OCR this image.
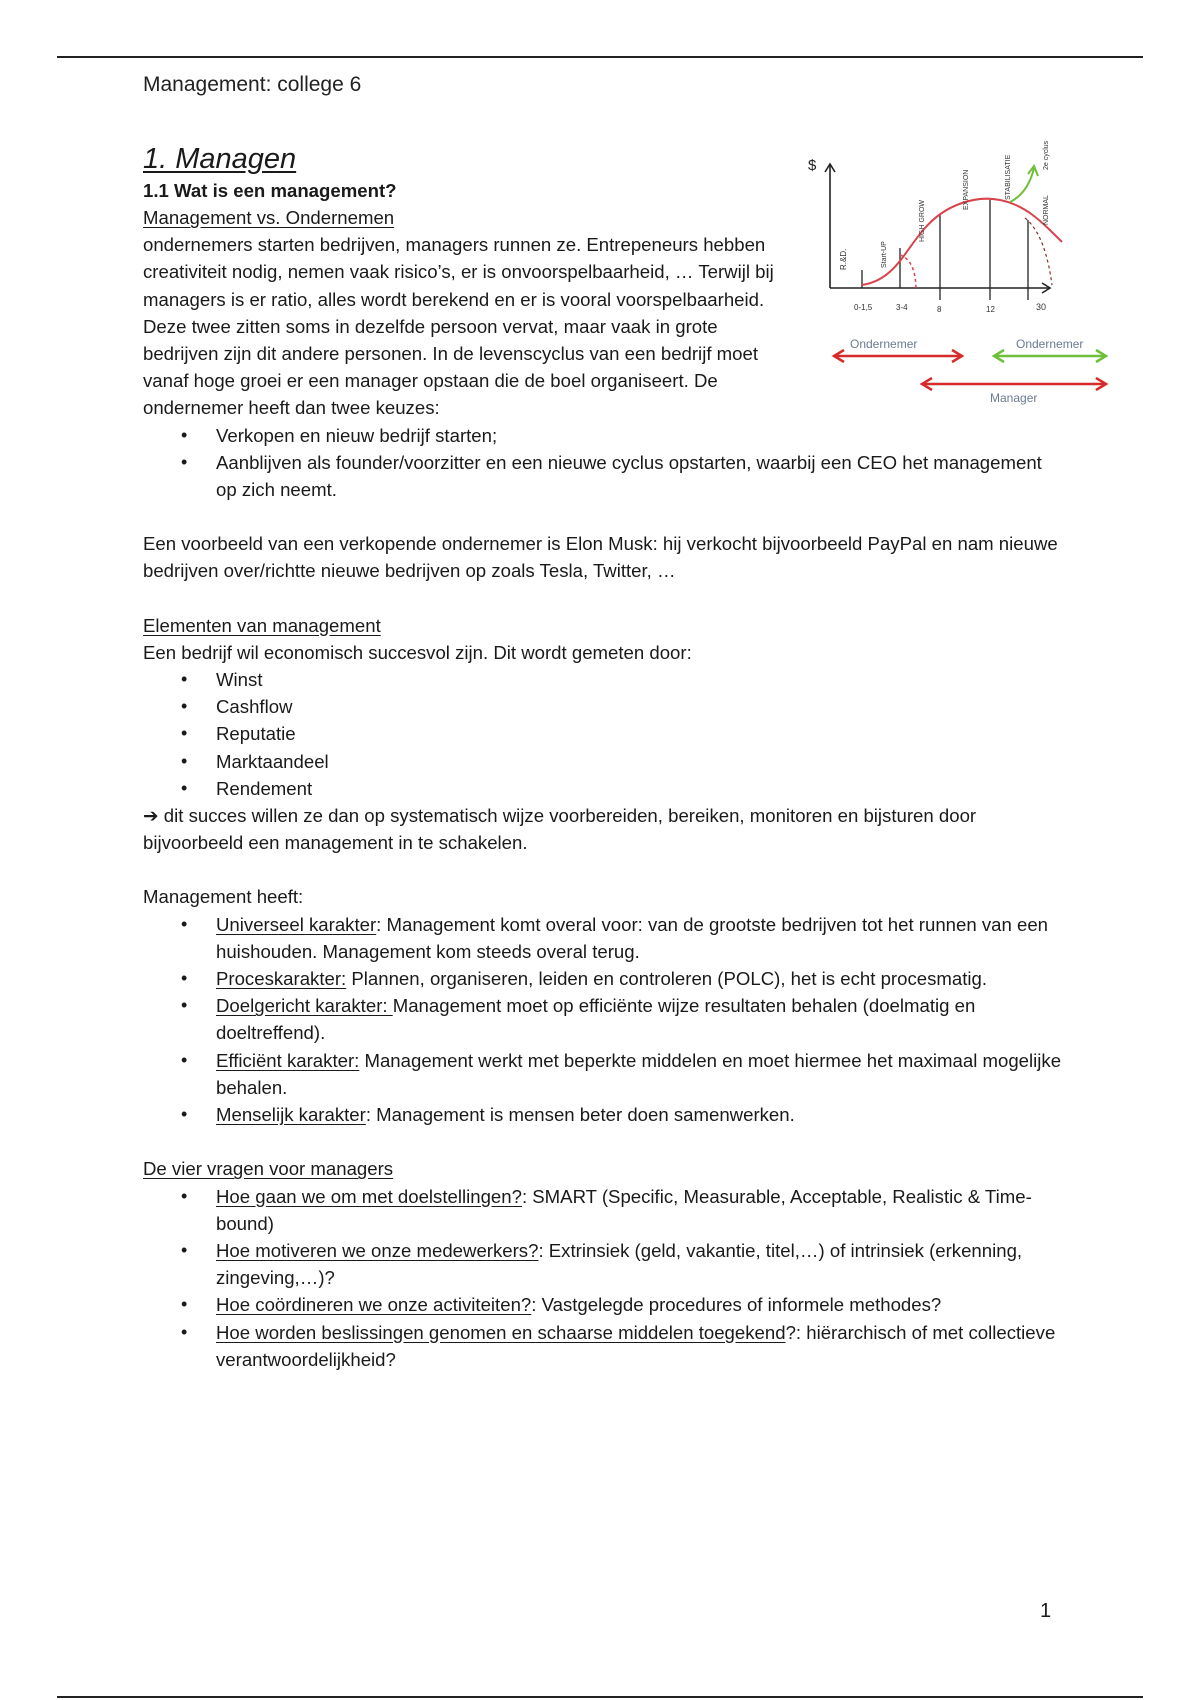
Management: college 6
1. Managen
1.1 Wat is een management?
Management vs. Ondernemen

ondernemers starten bedrijven, managers runnen ze. Entrepeneurs hebben creativiteit nodig, nemen vaak risico’s, er is onvoorspelbaarheid, … Terwijl bij managers is er ratio, alles wordt berekend en er is vooral voorspelbaarheid. Deze twee zitten soms in dezelfde persoon vervat, maar vaak in grote bedrijven zijn dit andere personen. In de levenscyclus van een bedrijf moet vanaf hoge groei er een manager opstaan die de boel organiseert. De ondernemer heeft dan twee keuzes:

• Verkopen en nieuw bedrijf starten;
• Aanblijven als founder/voorzitter en een nieuwe cyclus opstarten, waarbij een CEO het management op zich neemt.

Een voorbeeld van een verkopende ondernemer is Elon Musk: hij verkocht bijvoorbeeld PayPal en nam nieuwe bedrijven over/richtte nieuwe bedrijven op zoals Tesla, Twitter, …

Elementen van management

Een bedrijf wil economisch succesvol zijn. Dit wordt gemeten door:

• Winst
• Cashflow
• Reputatie
• Marktaandeel
• Rendement

➔ dit succes willen ze dan op systematisch wijze voorbereiden, bereiken, monitoren en bijsturen door bijvoorbeeld een management in te schakelen.

Management heeft:

• Universeel karakter: Management komt overal voor: van de grootste bedrijven tot het runnen van een huishouden. Management kom steeds overal terug.
• Proceskarakter: Plannen, organiseren, leiden en controleren (POLC), het is echt procesmatig.
• Doelgericht karakter: Management moet op efficiënte wijze resultaten behalen (doelmatig en doeltreffend).
• Efficiënt karakter: Management werkt met beperkte middelen en moet hiermee het maximaal mogelijke behalen.
• Menselijk karakter: Management is mensen beter doen samenwerken.
De vier vragen voor managers
• Hoe gaan we om met doelstellingen?: SMART (Specific, Measurable, Acceptable, Realistic & Time-bound)
• Hoe motiveren we onze medewerkers?: Extrinsiek (geld, vakantie, titel,…) of intrinsiek (erkenning, zingeving,…)?
• Hoe coördineren we onze activiteiten?: Vastgelegde procedures of informele methodes?
• Hoe worden beslissingen genomen en schaarse middelen toegekend?: hiërarchisch of met collectieve verantwoordelijkheid?
$
R.&D.	Start-UP
HIGH GROW
EXPANSION	STABILISATIE
NORMAL
2e cyclus
0-1,5	3-4	8	12	30
Ondernemer	Ondernemer
Manager
1
